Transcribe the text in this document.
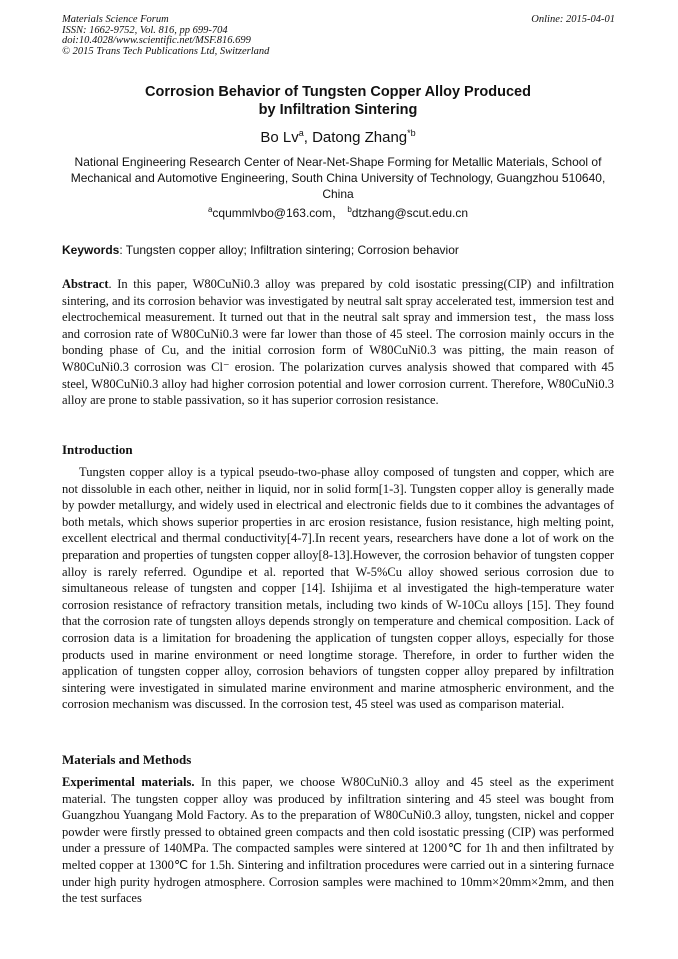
Materials Science Forum
ISSN: 1662-9752, Vol. 816, pp 699-704
doi:10.4028/www.scientific.net/MSF.816.699
© 2015 Trans Tech Publications Ltd, Switzerland
Online: 2015-04-01
Corrosion Behavior of Tungsten Copper Alloy Produced
by Infiltration Sintering
Bo Lv$^a$, Datong Zhang$^{*b}$
National Engineering Research Center of Near-Net-Shape Forming for Metallic Materials, School of Mechanical and Automotive Engineering, South China University of Technology, Guangzhou 510640, China
$^a$cqummlvbo@163.com， $^b$dtzhang@scut.edu.cn
Keywords: Tungsten copper alloy; Infiltration sintering; Corrosion behavior
Abstract. In this paper, W80CuNi0.3 alloy was prepared by cold isostatic pressing(CIP) and infiltration sintering, and its corrosion behavior was investigated by neutral salt spray accelerated test, immersion test and electrochemical measurement. It turned out that in the neutral salt spray and immersion test，the mass loss and corrosion rate of W80CuNi0.3 were far lower than those of 45 steel. The corrosion mainly occurs in the bonding phase of Cu, and the initial corrosion form of W80CuNi0.3 was pitting, the main reason of W80CuNi0.3 corrosion was Cl⁻ erosion. The polarization curves analysis showed that compared with 45 steel, W80CuNi0.3 alloy had higher corrosion potential and lower corrosion current. Therefore, W80CuNi0.3 alloy are prone to stable passivation, so it has superior corrosion resistance.
Introduction
Tungsten copper alloy is a typical pseudo-two-phase alloy composed of tungsten and copper, which are not dissoluble in each other, neither in liquid, nor in solid form[1-3]. Tungsten copper alloy is generally made by powder metallurgy, and widely used in electrical and electronic fields due to it combines the advantages of both metals, which shows superior properties in arc erosion resistance, fusion resistance, high melting point, excellent electrical and thermal conductivity[4-7].In recent years, researchers have done a lot of work on the preparation and properties of tungsten copper alloy[8-13].However, the corrosion behavior of tungsten copper alloy is rarely referred. Ogundipe et al. reported that W-5%Cu alloy showed serious corrosion due to simultaneous release of tungsten and copper [14]. Ishijima et al investigated the high-temperature water corrosion resistance of refractory transition metals, including two kinds of W-10Cu alloys [15]. They found that the corrosion rate of tungsten alloys depends strongly on temperature and chemical composition. Lack of corrosion data is a limitation for broadening the application of tungsten copper alloys, especially for those products used in marine environment or need longtime storage. Therefore, in order to further widen the application of tungsten copper alloy, corrosion behaviors of tungsten copper alloy prepared by infiltration sintering were investigated in simulated marine environment and marine atmospheric environment, and the corrosion mechanism was discussed. In the corrosion test, 45 steel was used as comparison material.
Materials and Methods
Experimental materials. In this paper, we choose W80CuNi0.3 alloy and 45 steel as the experiment material. The tungsten copper alloy was produced by infiltration sintering and 45 steel was bought from Guangzhou Yuangang Mold Factory. As to the preparation of W80CuNi0.3 alloy, tungsten, nickel and copper powder were firstly pressed to obtained green compacts and then cold isostatic pressing (CIP) was performed under a pressure of 140MPa. The compacted samples were sintered at 1200℃ for 1h and then infiltrated by melted copper at 1300℃ for 1.5h. Sintering and infiltration procedures were carried out in a sintering furnace under high purity hydrogen atmosphere. Corrosion samples were machined to 10mm×20mm×2mm, and then the test surfaces
